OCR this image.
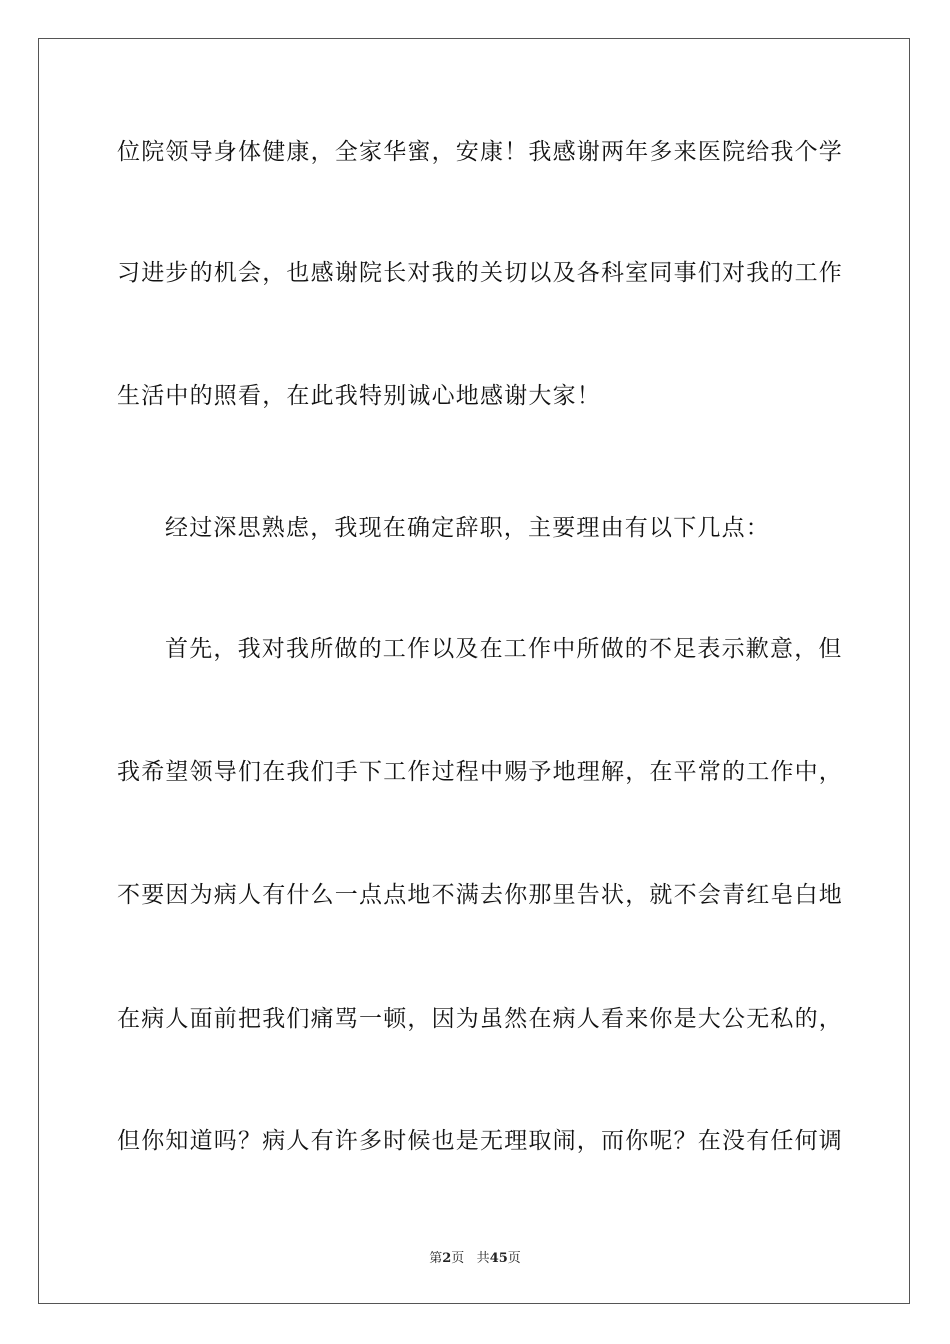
位院领导身体健康，全家华蜜，安康！我感谢两年多来医院给我个学
习进步的机会，也感谢院长对我的关切以及各科室同事们对我的工作
生活中的照看，在此我特别诚心地感谢大家！
经过深思熟虑，我现在确定辞职，主要理由有以下几点：
首先，我对我所做的工作以及在工作中所做的不足表示歉意，但
我希望领导们在我们手下工作过程中赐予地理解，在平常的工作中，
不要因为病人有什么一点点地不满去你那里告状，就不会青红皂白地
在病人面前把我们痛骂一顿，因为虽然在病人看来你是大公无私的，
但你知道吗？病人有许多时候也是无理取闹，而你呢？在没有任何调
第2页 共45页
